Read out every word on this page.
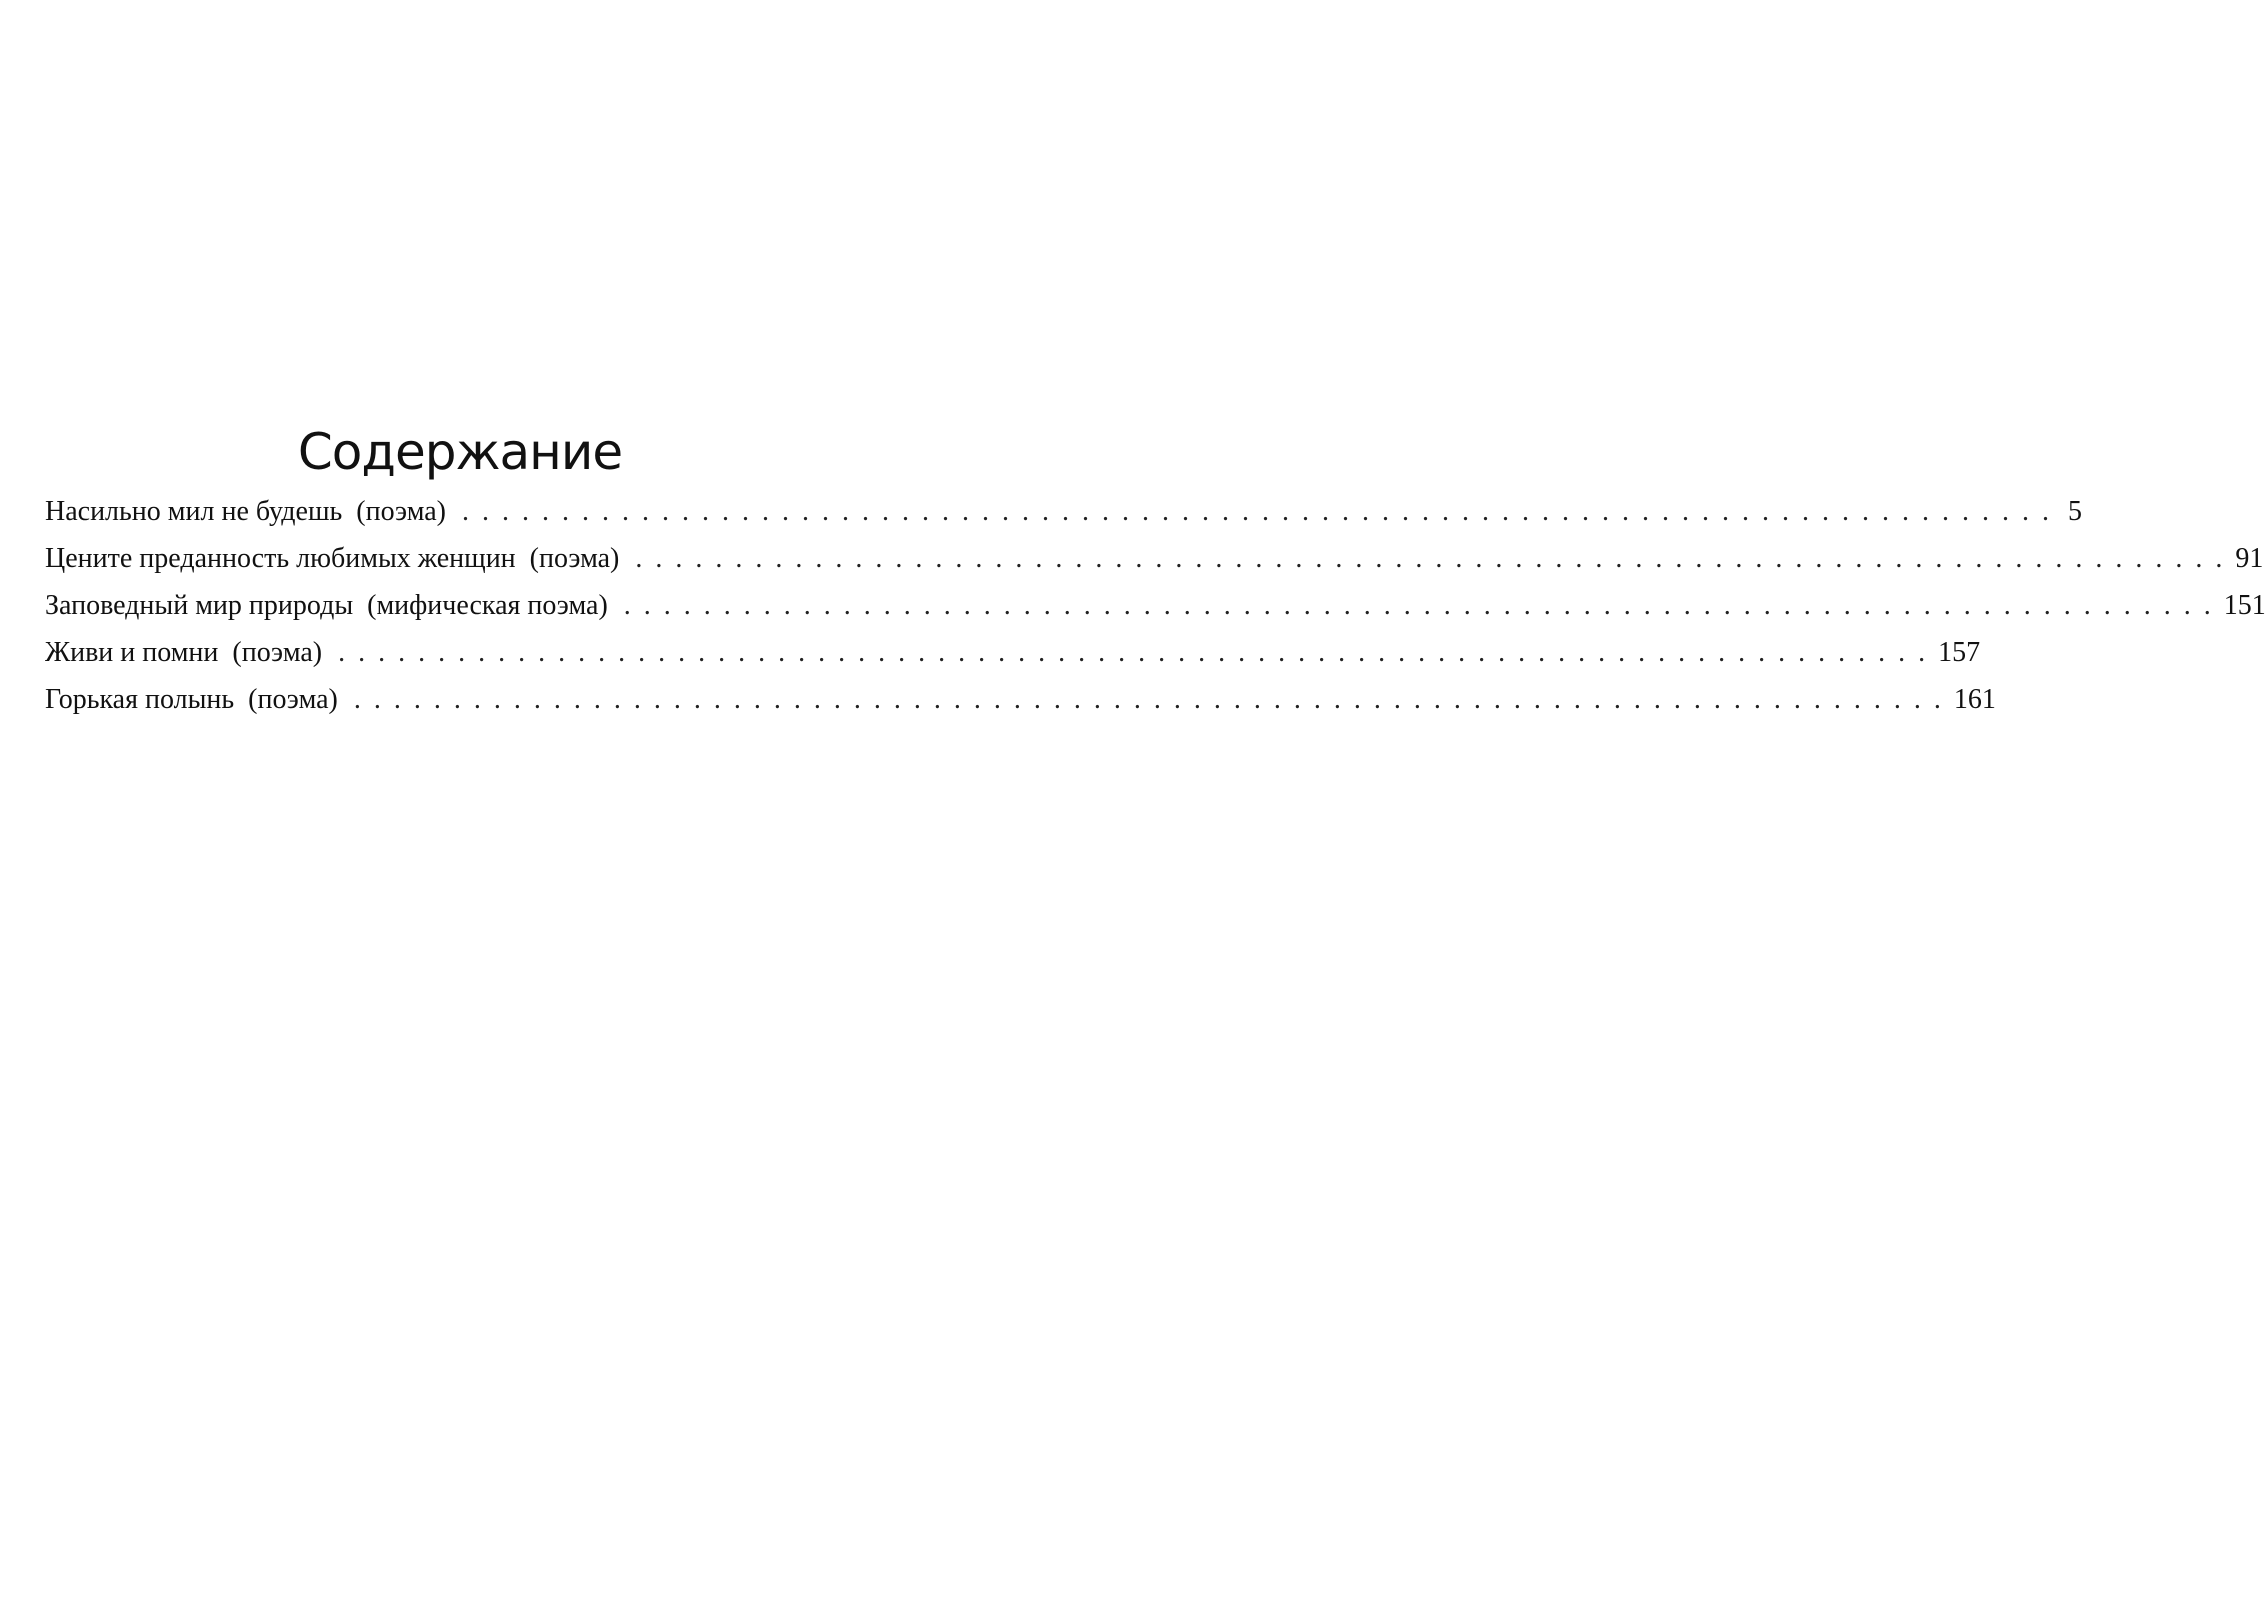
Содержание
Насильно мил не будешь (поэма) . . . . . . . . . . . . . . . . . . . . . . . . . . . . . . . . . . . . . . . . . . . . . . . . . . . . . . . . . . . . . . . . . . . . . . . . . . . . . . . . 5
Цените преданность любимых женщин (поэма) . . . . . . . . . . . . . . . . . . . . . . . . . . . . . . . . . . . . . . . . . . . . . . . . . . . . . . . . . . . . . . . . . . . . . . . . . . . . . . . . 91
Заповедный мир природы (мифическая поэма) . . . . . . . . . . . . . . . . . . . . . . . . . . . . . . . . . . . . . . . . . . . . . . . . . . . . . . . . . . . . . . . . . . . . . . . . . . . . . . . . 151
Живи и помни (поэма) . . . . . . . . . . . . . . . . . . . . . . . . . . . . . . . . . . . . . . . . . . . . . . . . . . . . . . . . . . . . . . . . . . . . . . . . . . . . . . . . 157
Горькая полынь (поэма) . . . . . . . . . . . . . . . . . . . . . . . . . . . . . . . . . . . . . . . . . . . . . . . . . . . . . . . . . . . . . . . . . . . . . . . . . . . . . . . . 161
